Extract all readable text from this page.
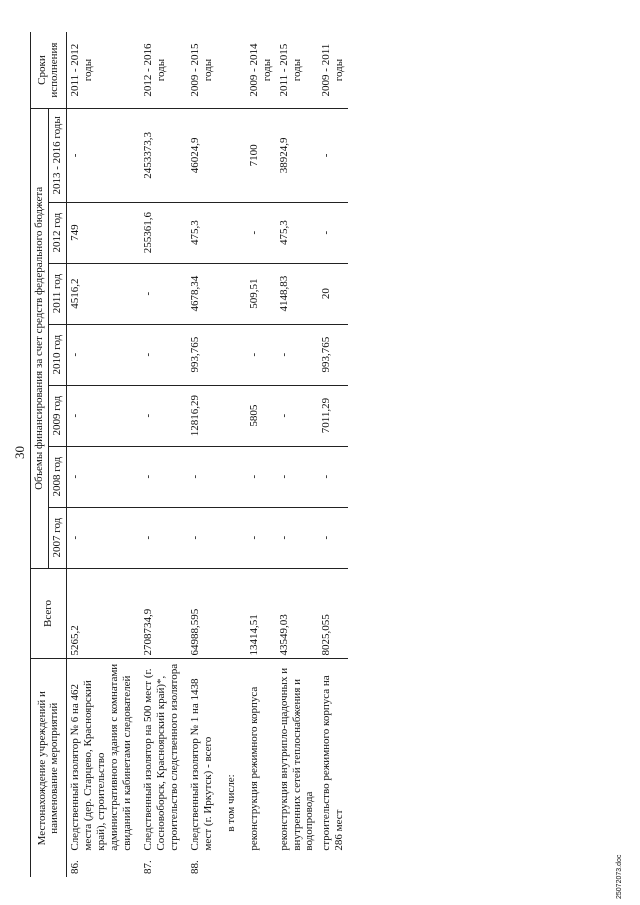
30
Местонахождение учреждений и наименование мероприятий		Всего	Объемы финансирования за счет средств федерального бюджета							Сроки исполнения
			2007 год	2008 год	2009 год	2010 год	2011 год	2012 год	2013 - 2016 годы	
86.	Следственный изолятор № 6 на 462 места (дер. Старцево, Красноярский край), строительство административного здания с комнатами свиданий и кабинетами следователей	5265,2	-	-	-	-	4516,2	749	-	2011 - 2012 годы

87.	Следственный изолятор на 500 мест (г. Сосновоборск, Красноярский край)*, строительство следственного изолятора	2708734,9	-	-	-	-	-	255361,6	2453373,3	2012 - 2016 годы

88.	Следственный изолятор № 1 на 1438 мест (г. Иркутск) - всего	64988,595	-	-	12816,29	993,765	4678,34	475,3	46024,9	2009 - 2015 годы
	в том числе:									
	реконструкция режимного корпуса	13414,51	-	-	5805	-	509,51	-	7100	2009 - 2014 годы
	реконструкция внутрипло-щадочных и внутренних сетей теплоснабжения и водопровода	43549,03	-	-	-	-	4148,83	475,3	38924,9	2011 - 2015 годы
	строительство режимного корпуса на 286 мест	8025,055	-	-	7011,29	993,765	20	-	-	2009 - 2011 годы
25072073.doc
